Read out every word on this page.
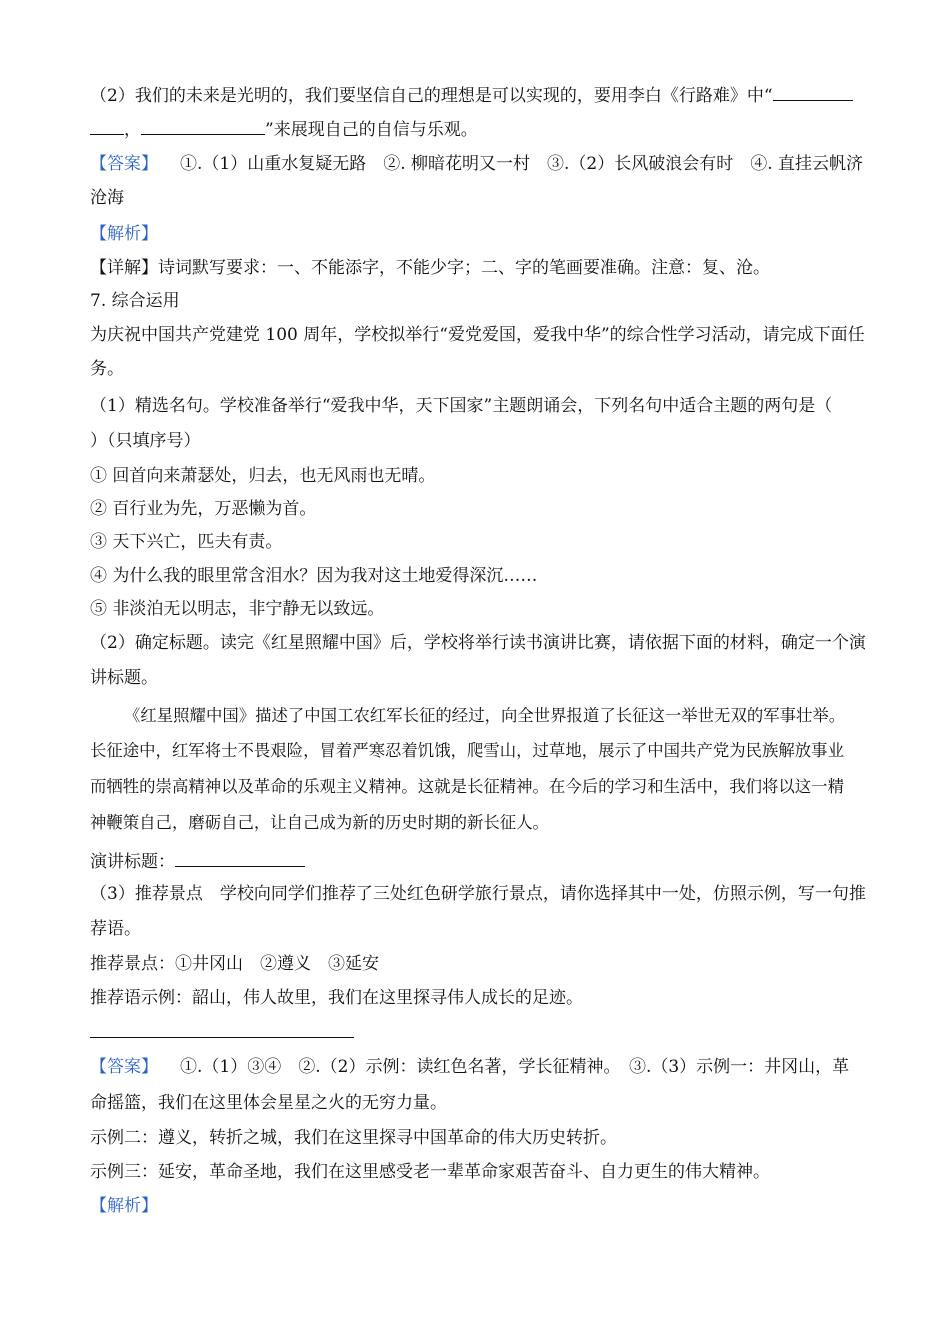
（2）我们的未来是光明的，我们要坚信自己的理想是可以实现的，要用李白《行路难》中“
，	”来展现自己的自信与乐观。
【答案】 ①.（1）山重水复疑无路　②. 柳暗花明又一村　③.（2）长风破浪会有时　④. 直挂云帆济
沧海
【解析】
【详解】诗词默写要求：一、不能添字，不能少字；二、字的笔画要准确。注意：复、沧。
7. 综合运用
为庆祝中国共产党建党 100 周年，学校拟举行“爱党爱国，爱我中华”的综合性学习活动，请完成下面任
务。
（1）精选名句。学校准备举行“爱我中华，天下国家”主题朗诵会，下列名句中适合主题的两句是（
）（只填序号）
① 回首向来萧瑟处，归去，也无风雨也无晴。
② 百行业为先，万恶懒为首。
③ 天下兴亡，匹夫有责。
④ 为什么我的眼里常含泪水？因为我对这土地爱得深沉……
⑤ 非淡泊无以明志，非宁静无以致远。
（2）确定标题。读完《红星照耀中国》后，学校将举行读书演讲比赛，请依据下面的材料，确定一个演
讲标题。
《红星照耀中国》描述了中国工农红军长征的经过，向全世界报道了长征这一举世无双的军事壮举。
长征途中，红军将士不畏艰险，冒着严寒忍着饥饿，爬雪山，过草地，展示了中国共产党为民族解放事业
而牺牲的崇高精神以及革命的乐观主义精神。这就是长征精神。在今后的学习和生活中，我们将以这一精
神鞭策自己，磨砺自己，让自己成为新的历史时期的新长征人。
演讲标题：
（3）推荐景点　学校向同学们推荐了三处红色研学旅行景点，请你选择其中一处，仿照示例，写一句推
荐语。
推荐景点：①井冈山　②遵义　③延安
推荐语示例：韶山，伟人故里，我们在这里探寻伟人成长的足迹。
【答案】 ①.（1）③④　②.（2）示例：读红色名著，学长征精神。　③.（3）示例一：井冈山，革
命摇篮，我们在这里体会星星之火的无穷力量。
示例二：遵义，转折之城，我们在这里探寻中国革命的伟大历史转折。
示例三：延安，革命圣地，我们在这里感受老一辈革命家艰苦奋斗、自力更生的伟大精神。
【解析】
